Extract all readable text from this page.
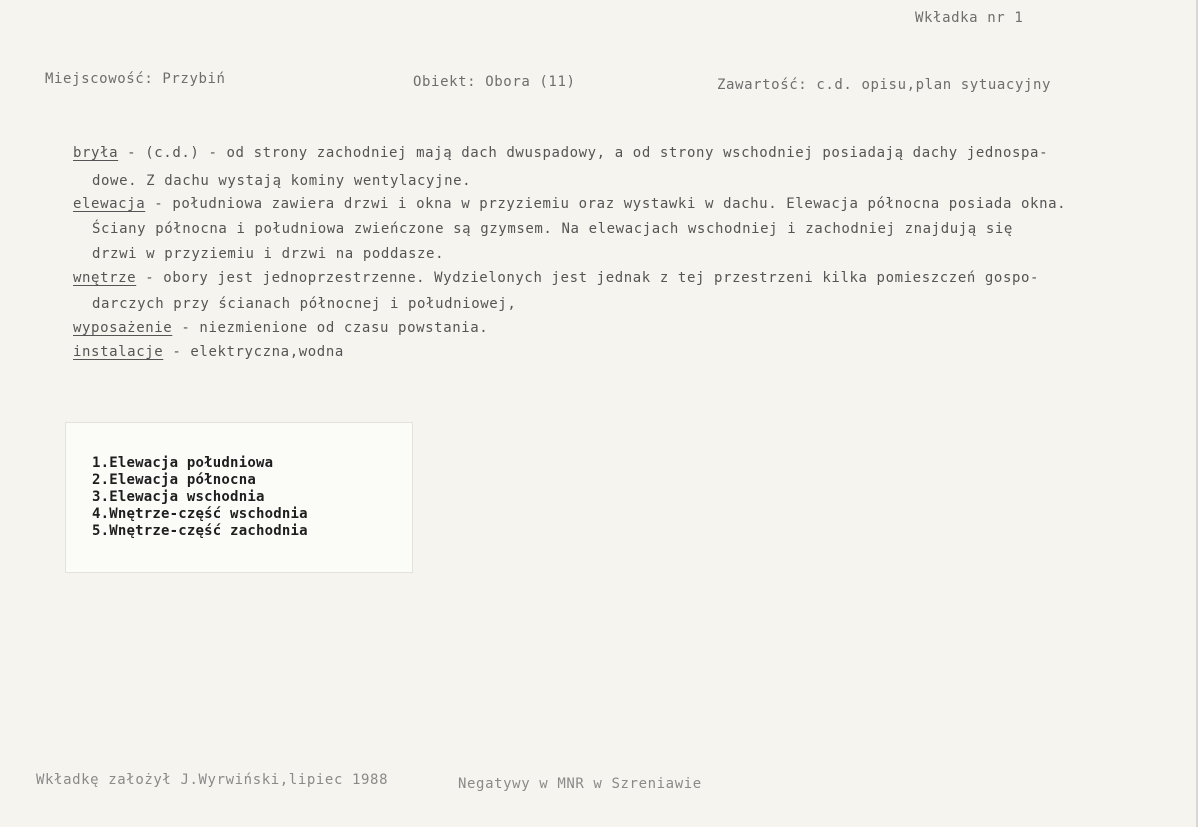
Wkładka nr 1
Miejscowość: Przybiń	Obiekt: Obora (11)	Zawartość: c.d. opisu,plan sytuacyjny
bryła - (c.d.) - od strony zachodniej mają dach dwuspadowy, a od strony wschodniej posiadają dachy jednospa-
dowe. Z dachu wystają kominy wentylacyjne.
elewacja - południowa zawiera drzwi i okna w przyziemiu oraz wystawki w dachu. Elewacja północna posiada okna.
Ściany północna i południowa zwieńczone są gzymsem. Na elewacjach wschodniej i zachodniej znajdują się
drzwi w przyziemiu i drzwi na poddasze.
wnętrze - obory jest jednoprzestrzenne. Wydzielonych jest jednak z tej przestrzeni kilka pomieszczeń gospo-
darczych przy ścianach północnej i południowej,
wyposażenie - niezmienione od czasu powstania.
instalacje - elektryczna,wodna
1.Elewacja południowa
2.Elewacja północna
3.Elewacja wschodnia
4.Wnętrze-część wschodnia
5.Wnętrze-część zachodnia
Wkładkę założył J.Wyrwiński,lipiec 1988	Negatywy w MNR w Szreniawie
